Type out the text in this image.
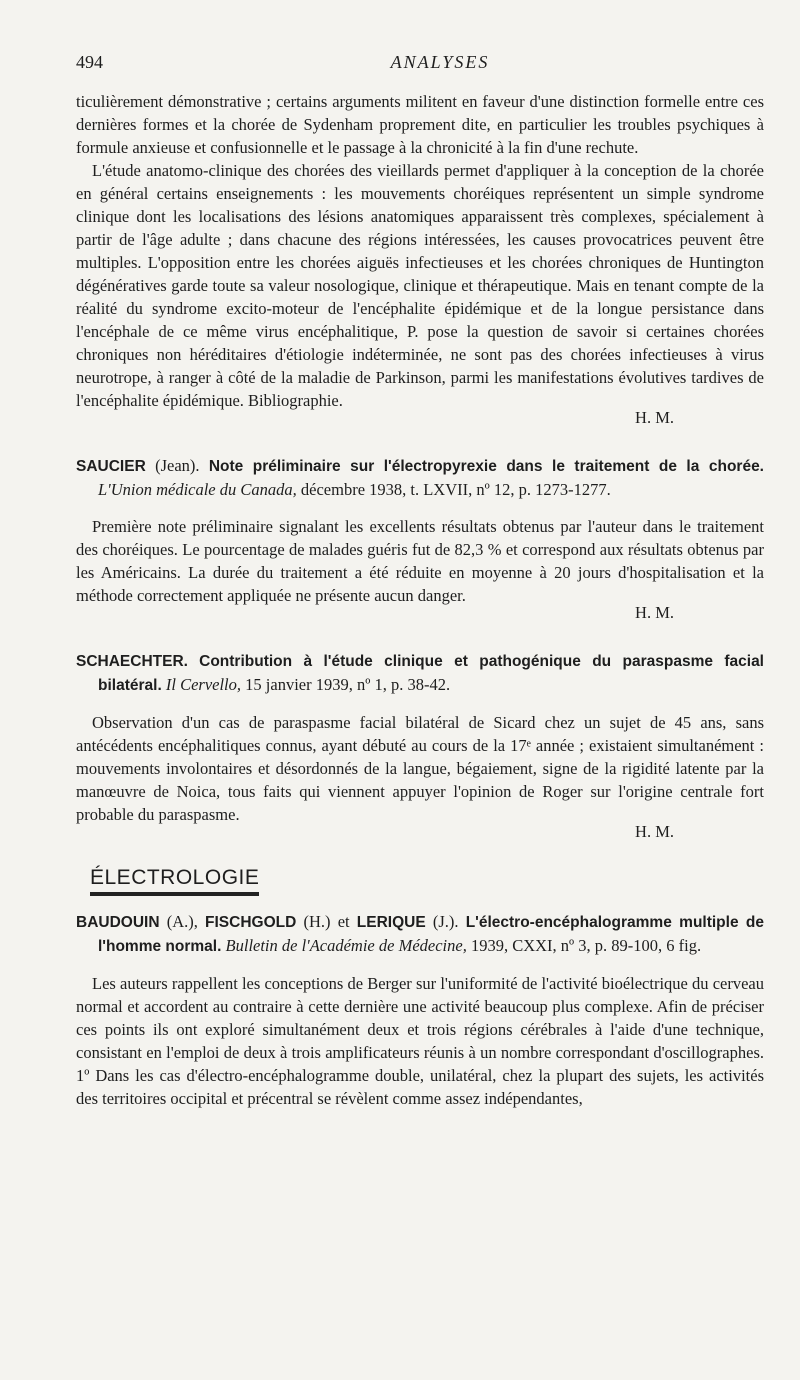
494	ANALYSES

ticulièrement démonstrative ; certains arguments militent en faveur d'une distinction formelle entre ces dernières formes et la chorée de Sydenham proprement dite, en particulier les troubles psychiques à formule anxieuse et confusionnelle et le passage à la chronicité à la fin d'une rechute.

L'étude anatomo-clinique des chorées des vieillards permet d'appliquer à la conception de la chorée en général certains enseignements : les mouvements choréiques représentent un simple syndrome clinique dont les localisations des lésions anatomiques apparaissent très complexes, spécialement à partir de l'âge adulte ; dans chacune des régions intéressées, les causes provocatrices peuvent être multiples. L'opposition entre les chorées aiguës infectieuses et les chorées chroniques de Huntington dégénératives garde toute sa valeur nosologique, clinique et thérapeutique. Mais en tenant compte de la réalité du syndrome excito-moteur de l'encéphalite épidémique et de la longue persistance dans l'encéphale de ce même virus encéphalitique, P. pose la question de savoir si certaines chorées chroniques non héréditaires d'étiologie indéterminée, ne sont pas des chorées infectieuses à virus neurotrope, à ranger à côté de la maladie de Parkinson, parmi les manifestations évolutives tardives de l'encéphalite épidémique. Bibliographie.

H. M.
SAUCIER (Jean). Note préliminaire sur l'électropyrexie dans le traitement de la chorée. L'Union médicale du Canada, décembre 1938, t. LXVII, nº 12, p. 1273-1277.

Première note préliminaire signalant les excellents résultats obtenus par l'auteur dans le traitement des choréiques. Le pourcentage de malades guéris fut de 82,3 % et correspond aux résultats obtenus par les Américains. La durée du traitement a été réduite en moyenne à 20 jours d'hospitalisation et la méthode correctement appliquée ne présente aucun danger.

H. M.
SCHAECHTER. Contribution à l'étude clinique et pathogénique du paraspasme facial bilatéral. Il Cervello, 15 janvier 1939, nº 1, p. 38-42.

Observation d'un cas de paraspasme facial bilatéral de Sicard chez un sujet de 45 ans, sans antécédents encéphalitiques connus, ayant débuté au cours de la 17ᵉ année ; existaient simultanément : mouvements involontaires et désordonnés de la langue, bégaiement, signe de la rigidité latente par la manœuvre de Noica, tous faits qui viennent appuyer l'opinion de Roger sur l'origine centrale fort probable du paraspasme.

H. M.
ÉLECTROLOGIE
BAUDOUIN (A.), FISCHGOLD (H.) et LERIQUE (J.). L'électro-encéphalogramme multiple de l'homme normal. Bulletin de l'Académie de Médecine, 1939, CXXI, nº 3, p. 89-100, 6 fig.

Les auteurs rappellent les conceptions de Berger sur l'uniformité de l'activité bioélectrique du cerveau normal et accordent au contraire à cette dernière une activité beaucoup plus complexe. Afin de préciser ces points ils ont exploré simultanément deux et trois régions cérébrales à l'aide d'une technique, consistant en l'emploi de deux à trois amplificateurs réunis à un nombre correspondant d'oscillographes. 1º Dans les cas d'électro-encéphalogramme double, unilatéral, chez la plupart des sujets, les activités des territoires occipital et précentral se révèlent comme assez indépendantes,
